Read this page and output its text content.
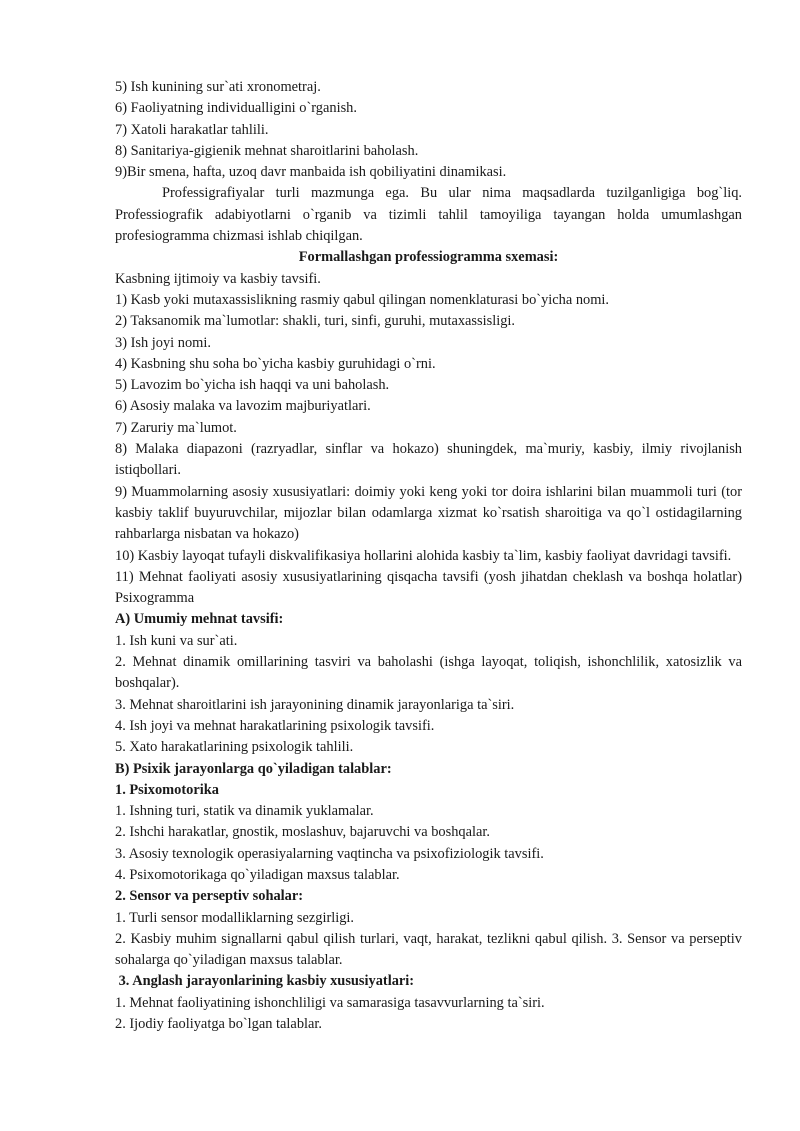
5) Ish kunining sur`ati xronometraj.

6) Faoliyatning individualligini o`rganish.

7) Xatoli harakatlar tahlili.

8) Sanitariya-gigienik mehnat sharoitlarini baholash.

9)Bir smena, hafta, uzoq davr manbaida ish qobiliyatini dinamikasi.

Professigrafiyalar turli mazmunga ega. Bu ular nima maqsadlarda tuzilganligiga bog`liq. Professiografik adabiyotlarni o`rganib va tizimli tahlil tamoyiliga tayangan holda umumlashgan profesiogramma chizmasi ishlab chiqilgan.

Formallashgan professiogramma sxemasi:

Kasbning ijtimoiy va kasbiy tavsifi.

1) Kasb yoki mutaxassislikning rasmiy qabul qilingan nomenklaturasi bo`yicha nomi.

2) Taksanomik ma`lumotlar: shakli, turi, sinfi, guruhi, mutaxassisligi.

3) Ish joyi nomi.

4) Kasbning shu soha bo`yicha kasbiy guruhidagi o`rni.

5) Lavozim bo`yicha ish haqqi va uni baholash.

6) Asosiy malaka va lavozim majburiyatlari.

7) Zaruriy ma`lumot.

8) Malaka diapazoni (razryadlar, sinflar va hokazo) shuningdek, ma`muriy, kasbiy, ilmiy rivojlanish istiqbollari.

9) Muammolarning asosiy xususiyatlari: doimiy yoki keng yoki tor doira ishlarini bilan muammoli turi (tor kasbiy taklif buyuruvchilar, mijozlar bilan odamlarga xizmat ko`rsatish sharoitiga va qo`l ostidagilarning rahbarlarga nisbatan va hokazo)

10) Kasbiy layoqat tufayli diskvalifikasiya hollarini alohida kasbiy ta`lim, kasbiy faoliyat davridagi tavsifi.

11) Mehnat faoliyati asosiy xususiyatlarining qisqacha tavsifi (yosh jihatdan cheklash va boshqa holatlar) Psixogramma

A) Umumiy mehnat tavsifi:

1. Ish kuni va sur`ati.

2. Mehnat dinamik omillarining tasviri va baholashi (ishga layoqat, toliqish, ishonchlilik, xatosizlik va boshqalar).

3. Mehnat sharoitlarini ish jarayonining dinamik jarayonlariga ta`siri.

4. Ish joyi va mehnat harakatlarining psixologik tavsifi.

5. Xato harakatlarining psixologik tahlili.

B) Psixik jarayonlarga qo`yiladigan talablar:

1. Psixomotorika

1. Ishning turi, statik va dinamik yuklamalar.

2. Ishchi harakatlar, gnostik, moslashuv, bajaruvchi va boshqalar.

3. Asosiy texnologik operasiyalarning vaqtincha va psixofiziologik tavsifi.

4. Psixomotorikaga qo`yiladigan maxsus talablar.

2. Sensor va perseptiv sohalar:

1. Turli sensor modalliklarning sezgirligi.

2. Kasbiy muhim signallarni qabul qilish turlari, vaqt, harakat, tezlikni qabul qilish. 3. Sensor va perseptiv sohalarga qo`yiladigan maxsus talablar.

3. Anglash jarayonlarining kasbiy xususiyatlari:

1. Mehnat faoliyatining ishonchliligi va samarasiga tasavvurlarning ta`siri.

2. Ijodiy faoliyatga bo`lgan talablar.
